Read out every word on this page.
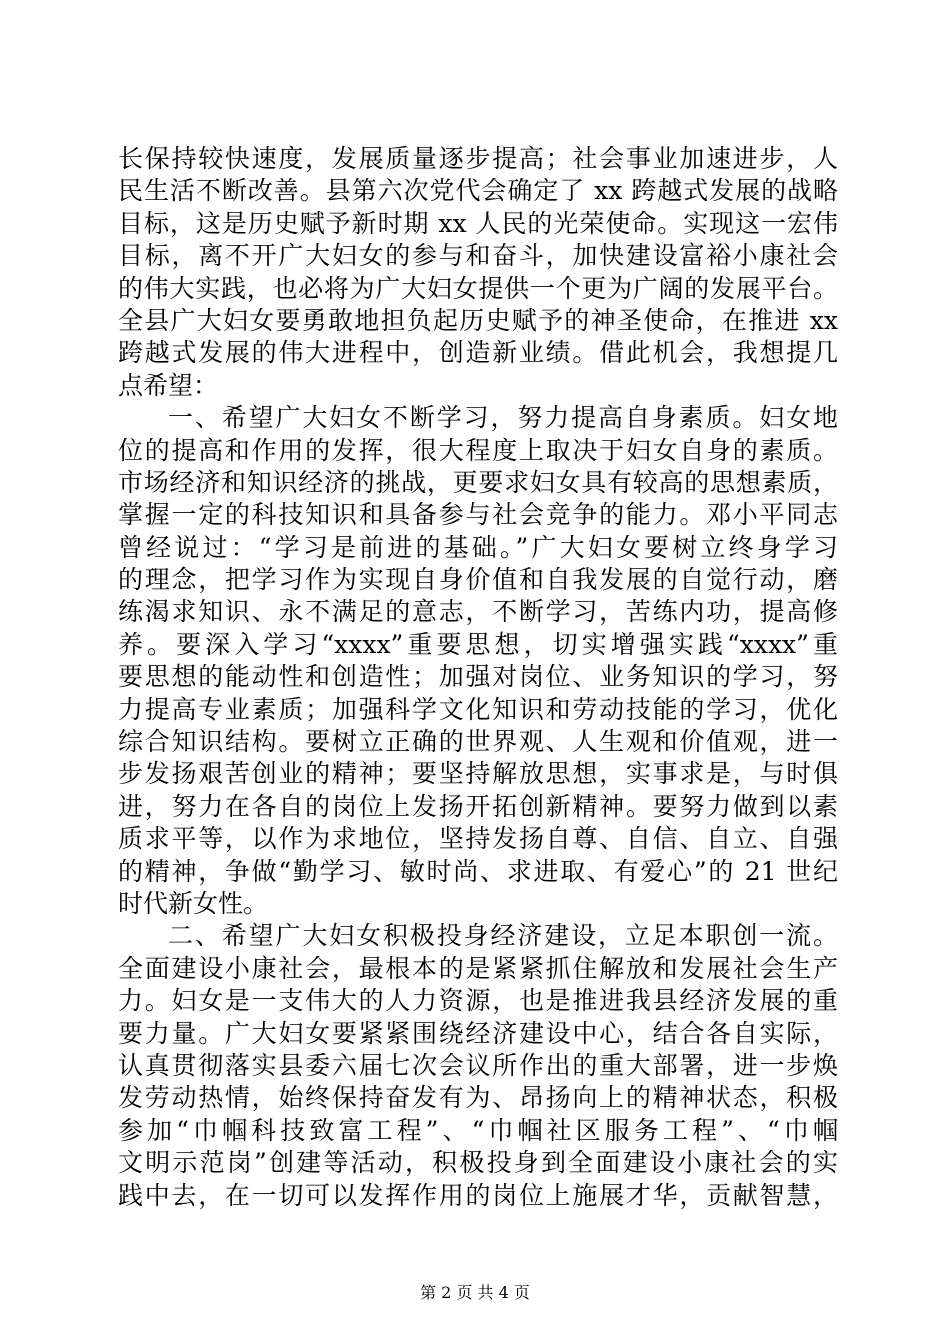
长保持较快速度，发展质量逐步提高；社会事业加速进步，人
民生活不断改善。县第六次党代会确定了 xx 跨越式发展的战略
目标，这是历史赋予新时期 xx 人民的光荣使命。实现这一宏伟
目标，离不开广大妇女的参与和奋斗，加快建设富裕小康社会
的伟大实践，也必将为广大妇女提供一个更为广阔的发展平台。
全县广大妇女要勇敢地担负起历史赋予的神圣使命，在推进 xx
跨越式发展的伟大进程中，创造新业绩。借此机会，我想提几
点希望：
一、希望广大妇女不断学习，努力提高自身素质。妇女地
位的提高和作用的发挥，很大程度上取决于妇女自身的素质。
市场经济和知识经济的挑战，更要求妇女具有较高的思想素质，
掌握一定的科技知识和具备参与社会竞争的能力。邓小平同志
曾经说过：“学习是前进的基础。”广大妇女要树立终身学习
的理念，把学习作为实现自身价值和自我发展的自觉行动，磨
练渴求知识、永不满足的意志，不断学习，苦练内功，提高修
养。要深入学习“xxxx”重要思想，切实增强实践“xxxx”重
要思想的能动性和创造性；加强对岗位、业务知识的学习，努
力提高专业素质；加强科学文化知识和劳动技能的学习，优化
综合知识结构。要树立正确的世界观、人生观和价值观，进一
步发扬艰苦创业的精神；要坚持解放思想，实事求是，与时俱
进，努力在各自的岗位上发扬开拓创新精神。要努力做到以素
质求平等，以作为求地位，坚持发扬自尊、自信、自立、自强
的精神，争做“勤学习、敏时尚、求进取、有爱心”的 21 世纪
时代新女性。
二、希望广大妇女积极投身经济建设，立足本职创一流。
全面建设小康社会，最根本的是紧紧抓住解放和发展社会生产
力。妇女是一支伟大的人力资源，也是推进我县经济发展的重
要力量。广大妇女要紧紧围绕经济建设中心，结合各自实际，
认真贯彻落实县委六届七次会议所作出的重大部署，进一步焕
发劳动热情，始终保持奋发有为、昂扬向上的精神状态，积极
参加“巾帼科技致富工程”、“巾帼社区服务工程”、“巾帼
文明示范岗”创建等活动，积极投身到全面建设小康社会的实
践中去，在一切可以发挥作用的岗位上施展才华，贡献智慧，
第 2 页 共 4 页
